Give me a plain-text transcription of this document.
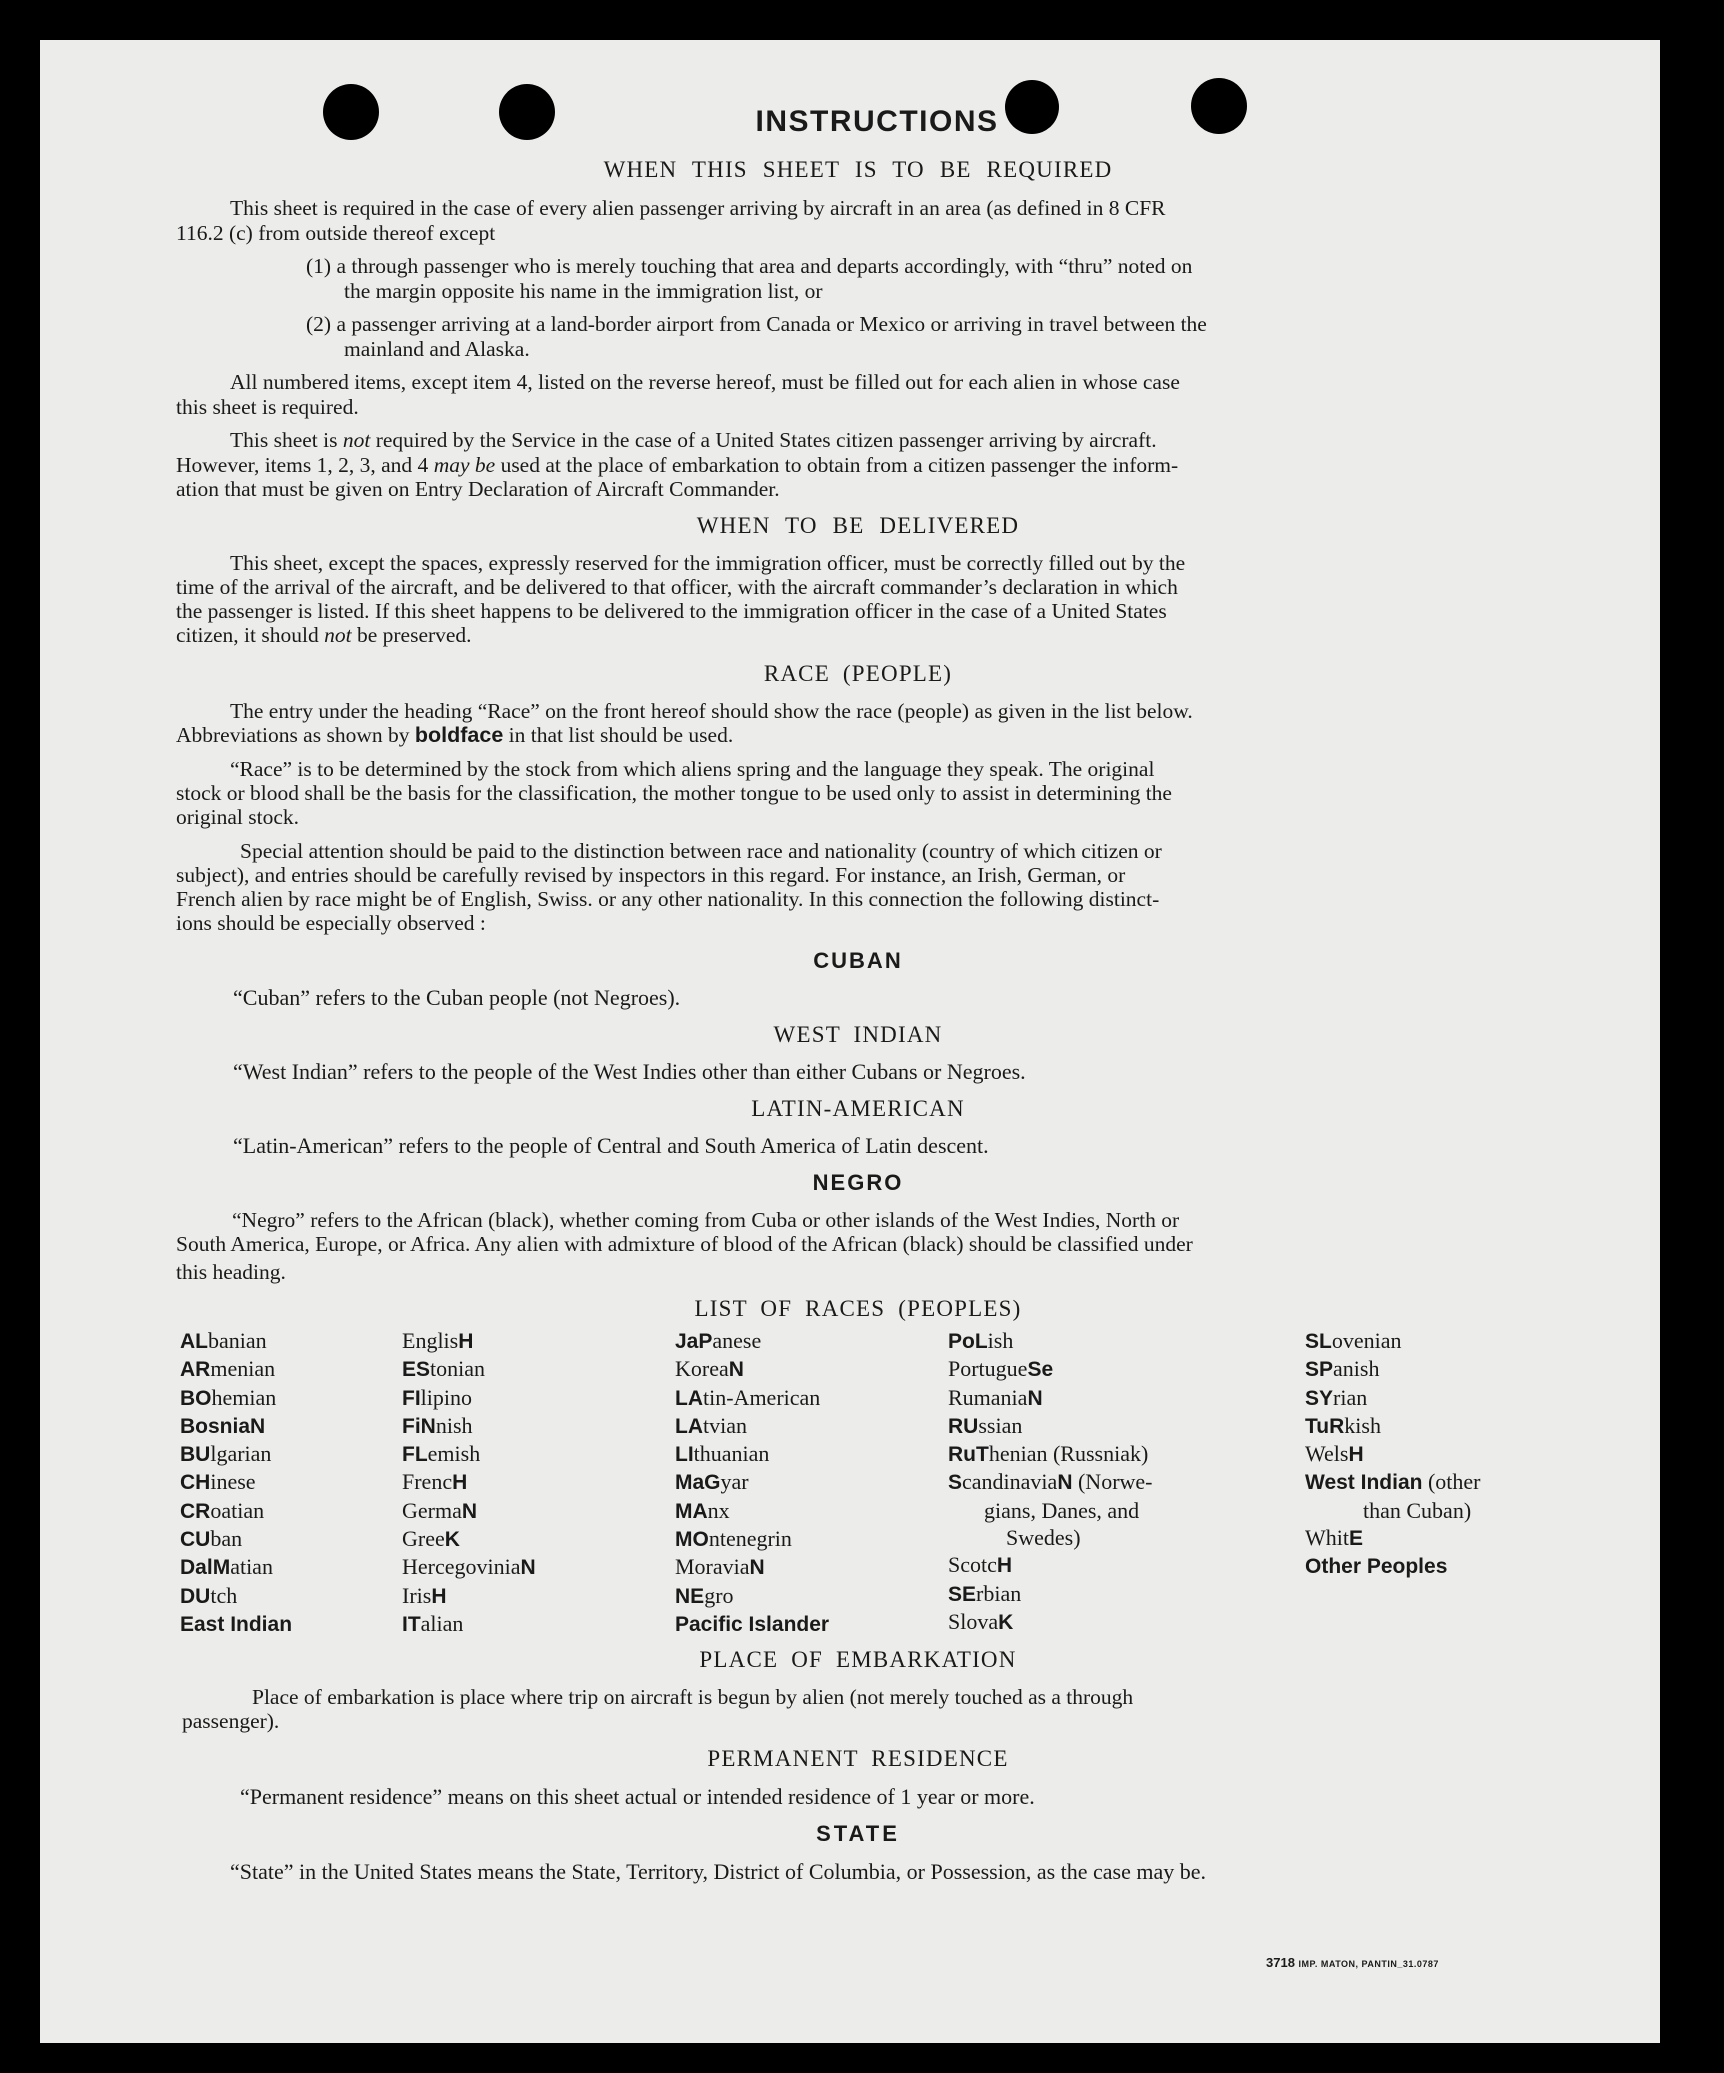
INSTRUCTIONS
WHEN THIS SHEET IS TO BE REQUIRED
This sheet is required in the case of every alien passenger arriving by aircraft in an area (as defined in 8 CFR
116.2 (c) from outside thereof except
(1) a through passenger who is merely touching that area and departs accordingly, with “thru” noted on
the margin opposite his name in the immigration list, or
(2) a passenger arriving at a land-border airport from Canada or Mexico or arriving in travel between the
mainland and Alaska.
All numbered items, except item 4, listed on the reverse hereof, must be filled out for each alien in whose case
this sheet is required.
This sheet is not required by the Service in the case of a United States citizen passenger arriving by aircraft.
However, items 1, 2, 3, and 4 may be used at the place of embarkation to obtain from a citizen passenger the inform-
ation that must be given on Entry Declaration of Aircraft Commander.
WHEN TO BE DELIVERED
This sheet, except the spaces, expressly reserved for the immigration officer, must be correctly filled out by the
time of the arrival of the aircraft, and be delivered to that officer, with the aircraft commander’s declaration in which
the passenger is listed. If this sheet happens to be delivered to the immigration officer in the case of a United States
citizen, it should not be preserved.
RACE (PEOPLE)
The entry under the heading “Race” on the front hereof should show the race (people) as given in the list below.
Abbreviations as shown by boldface in that list should be used.
“Race” is to be determined by the stock from which aliens spring and the language they speak. The original
stock or blood shall be the basis for the classification, the mother tongue to be used only to assist in determining the
original stock.
Special attention should be paid to the distinction between race and nationality (country of which citizen or
subject), and entries should be carefully revised by inspectors in this regard. For instance, an Irish, German, or
French alien by race might be of English, Swiss. or any other nationality. In this connection the following distinct-
ions should be especially observed :
CUBAN
“Cuban” refers to the Cuban people (not Negroes).
WEST INDIAN
“West Indian” refers to the people of the West Indies other than either Cubans or Negroes.
LATIN-AMERICAN
“Latin-American” refers to the people of Central and South America of Latin descent.
NEGRO
“Negro” refers to the African (black), whether coming from Cuba or other islands of the West Indies, North or
South America, Europe, or Africa. Any alien with admixture of blood of the African (black) should be classified under
this heading.
LIST OF RACES (PEOPLES)
ALbanian
ARmenian
BOhemian
BosniaN
BUlgarian
CHinese
CRoatian
CUban
DalMatian
DUtch
East Indian
EnglisH
EStonian
FIlipino
FiNnish
FLemish
FrencH
GermaN
GreeK
HercegoviniaN
IrisH
ITalian
JaPanese
KoreaN
LAtin-American
LAtvian
LIthuanian
MaGyar
MAnx
MOntenegrin
MoraviaN
NEgro
Pacific Islander
PoLish
PortugueSe
RumaniaN
RUssian
RuThenian (Russniak)
ScandinaviaN (Norwe-
gians, Danes, and
Swedes)
ScotcH
SErbian
SlovaK
SLovenian
SPanish
SYrian
TuRkish
WelsH
West Indian (other
than Cuban)
WhitE
Other Peoples
PLACE OF EMBARKATION
Place of embarkation is place where trip on aircraft is begun by alien (not merely touched as a through
passenger).
PERMANENT RESIDENCE
“Permanent residence” means on this sheet actual or intended residence of 1 year or more.
STATE
“State” in the United States means the State, Territory, District of Columbia, or Possession, as the case may be.
3718 IMP. MATON, PANTIN_31.0787
